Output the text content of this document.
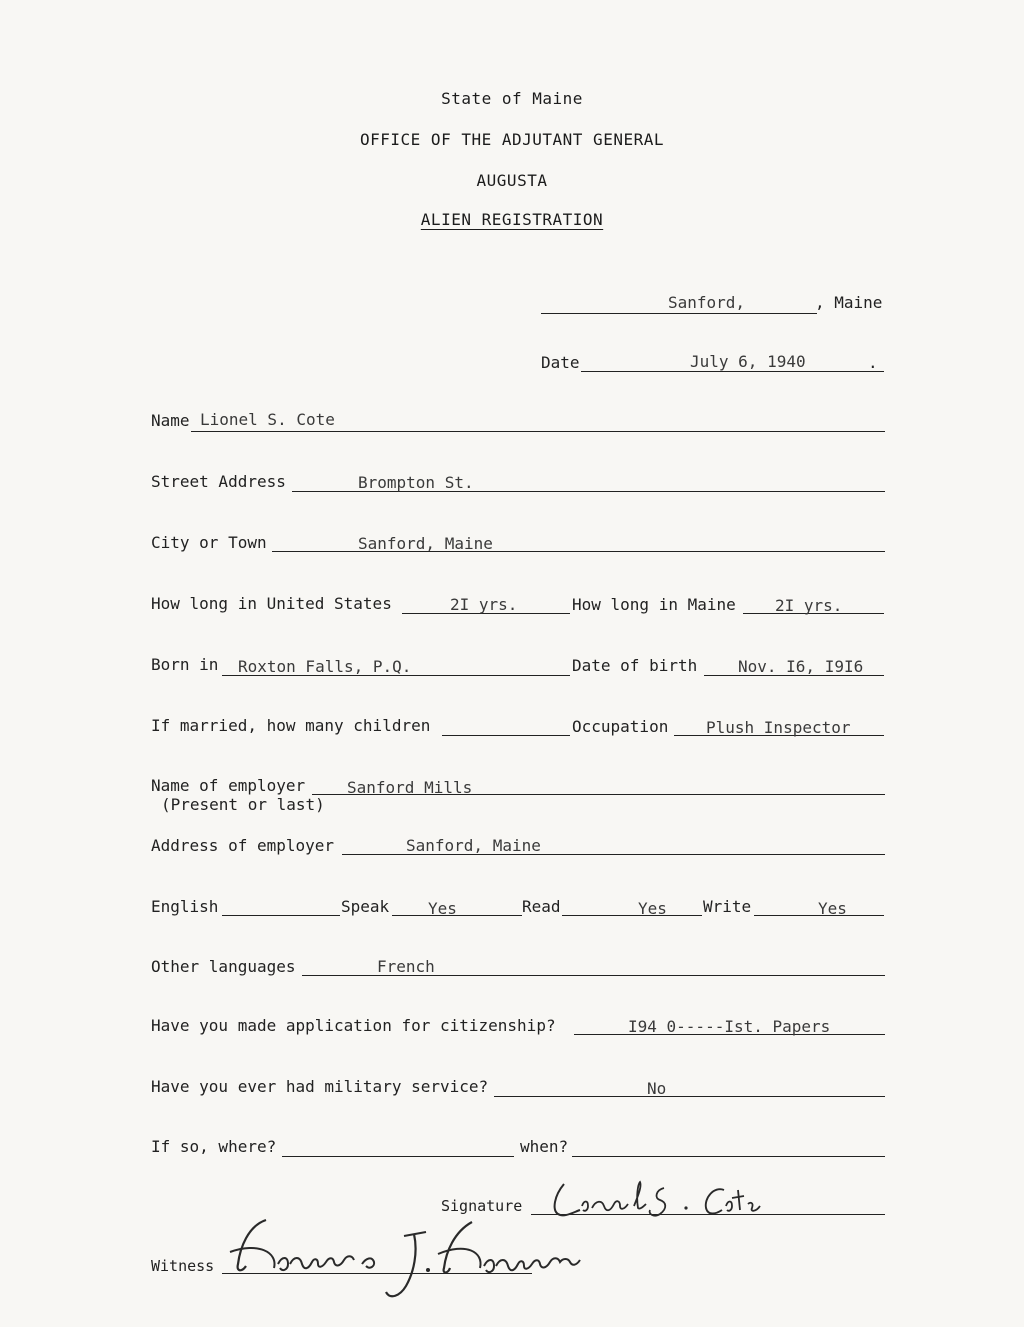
State of Maine
OFFICE OF THE ADJUTANT GENERAL
AUGUSTA
ALIEN REGISTRATION
Sanford,	, Maine
Date	July 6, 1940	.
Name Lionel S. Cote
Street Address	Brompton St.
City or Town	Sanford, Maine
How long in United States	2I yrs.	How long in Maine 2I yrs.
Born in Roxton Falls, P.Q.	Date of birth	Nov. I6, I9I6
If married, how many children	Occupation Plush Inspector
Name of employer
(Present or last)
Sanford Mills
Address of employer	Sanford, Maine
English	Speak Yes	Read	Yes Write	Yes
Other languages	French
Have you made application for citizenship?	I94 0-----Ist. Papers
Have you ever had military service?	No
If so, where?	when?
Signature
Witness
